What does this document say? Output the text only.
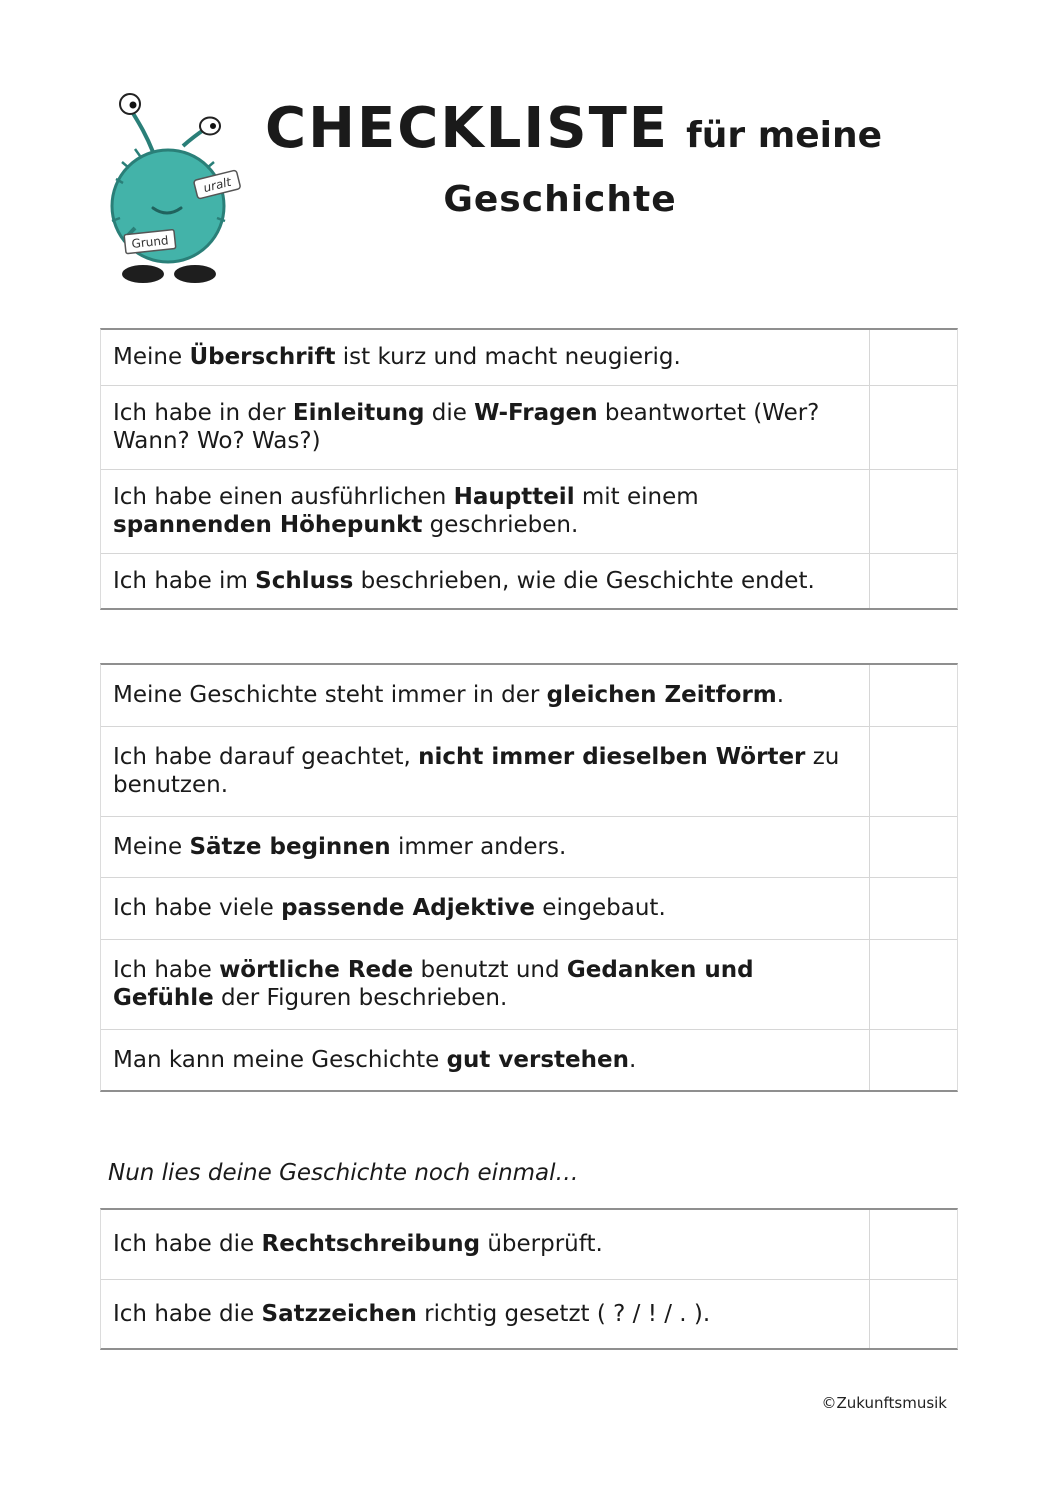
uralt
Grund
CHECKLISTE für meine
Geschichte
Meine Überschrift ist kurz und macht neugierig.
Ich habe in der Einleitung die W-Fragen beantwortet (Wer? Wann? Wo? Was?)
Ich habe einen ausführlichen Hauptteil mit einem spannenden Höhepunkt geschrieben.
Ich habe im Schluss beschrieben, wie die Geschichte endet.
Meine Geschichte steht immer in der gleichen Zeitform.
Ich habe darauf geachtet, nicht immer dieselben Wörter zu benutzen.
Meine Sätze beginnen immer anders.
Ich habe viele passende Adjektive eingebaut.
Ich habe wörtliche Rede benutzt und Gedanken und Gefühle der Figuren beschrieben.
Man kann meine Geschichte gut verstehen.
Nun lies deine Geschichte noch einmal…
Ich habe die Rechtschreibung überprüft.
Ich habe die Satzzeichen richtig gesetzt ( ? / ! / . ).
©Zukunftsmusik
